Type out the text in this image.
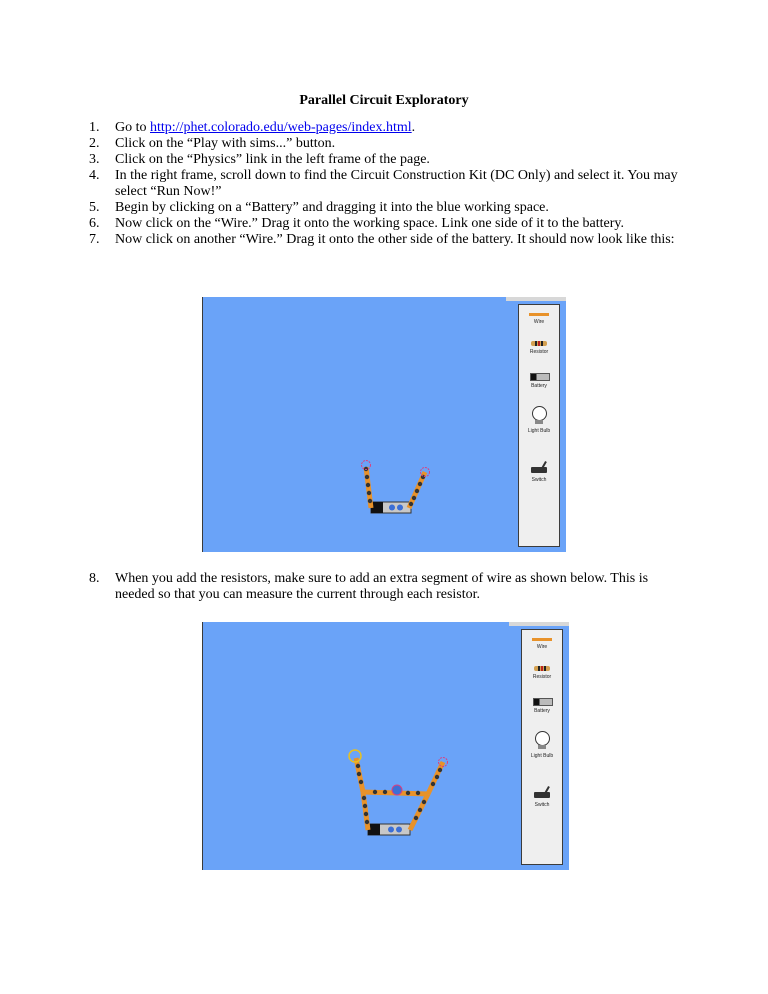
Parallel Circuit Exploratory
1.	Go to http://phet.colorado.edu/web-pages/index.html.
2.	Click on the “Play with sims...” button.
3.	Click on the “Physics” link in the left frame of the page.
4.	In the right frame, scroll down to find the Circuit Construction Kit (DC Only) and select it. You may select “Run Now!”
5.	Begin by clicking on a “Battery” and dragging it into the blue working space.
6.	Now click on the “Wire.” Drag it onto the working space. Link one side of it to the battery.
7.	Now click on another “Wire.” Drag it onto the other side of the battery. It should now look like this:
Wire
Resistor
Battery
Light Bulb
Switch
8.	When you add the resistors, make sure to add an extra segment of wire as shown below. This is needed so that you can measure the current through each resistor.
Wire
Resistor
Battery
Light Bulb
Switch
